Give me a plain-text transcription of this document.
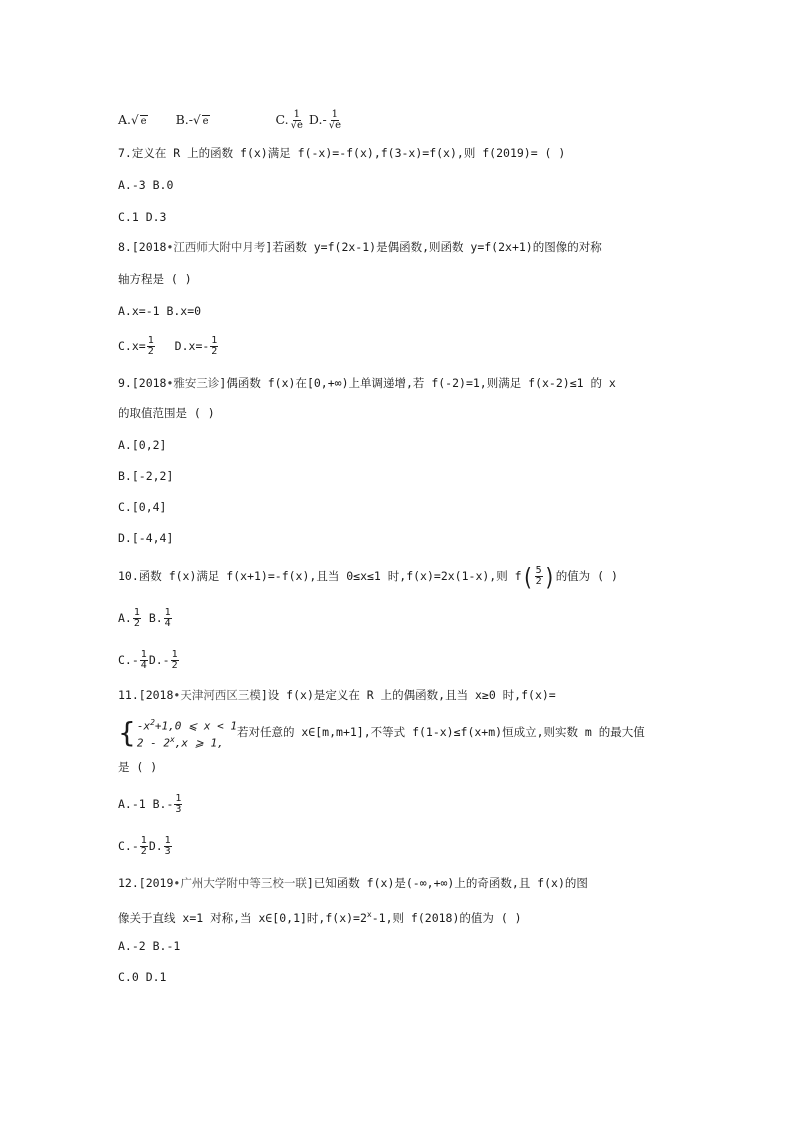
A.√ e B.-√ e	C. $\frac{1}{√e} D.- \frac{1}{√e}$
7.定义在 R 上的函数 f(x)满足 f(-x)=-f(x),f(3-x)=f(x),则 f(2019)= ( )
A.-3 B.0
C.1 D.3
8.[2018•江西师大附中月考]若函数 y=f(2x-1)是偶函数,则函数 y=f(2x+1)的图像的对称
轴方程是 ( )
A.x=-1 B.x=0
$C.x= \frac{1}{2} D.x=- \frac{1}{2}$
9.[2018•雅安三诊]偶函数 f(x)在[0,+∞)上单调递增,若 f(-2)=1,则满足 f(x-2)≤1 的 x
的取值范围是 ( )
A.[0,2]
B.[-2,2]
C.[0,4]
D.[-4,4]
10.函数 f(x)满足 f(x+1)=-f(x),且当 0≤x≤1 时,f(x)=2x(1-x),则 $f( \frac{5}{2}$ )的值为 ( )
A. $\frac{1}{2} B$. $\frac{1}{4}$
$C.- \frac{1}{4} D.- \frac{1}{2}$
11.[2018•天津河西区三模]设 f(x)是定义在 R 上的偶函数,且当 x≥0 时,f(x)=
{ $-x^2+1,0$ ⩽ x < 1
2 - 2$^x$,x ⩾ 1,
若对任意的 x∈[m,m+1],不等式 f(1-x)≤f(x+m)恒成立,则实数 m 的最大值
是 ( )
A.-1 $B.- \frac{1}{3}$
$C.- \frac{1}{2} D$. $\frac{1}{3}$
12.[2019•广州大学附中等三校一联]已知函数 f(x)是(-∞,+∞)上的奇函数,且 f(x)的图
像关于直线 x=1 对称,当 x∈[0,1]时$,f(x)=2^x-1$,则 f(2018)的值为 ( )
A.-2 B.-1
C.0 D.1
